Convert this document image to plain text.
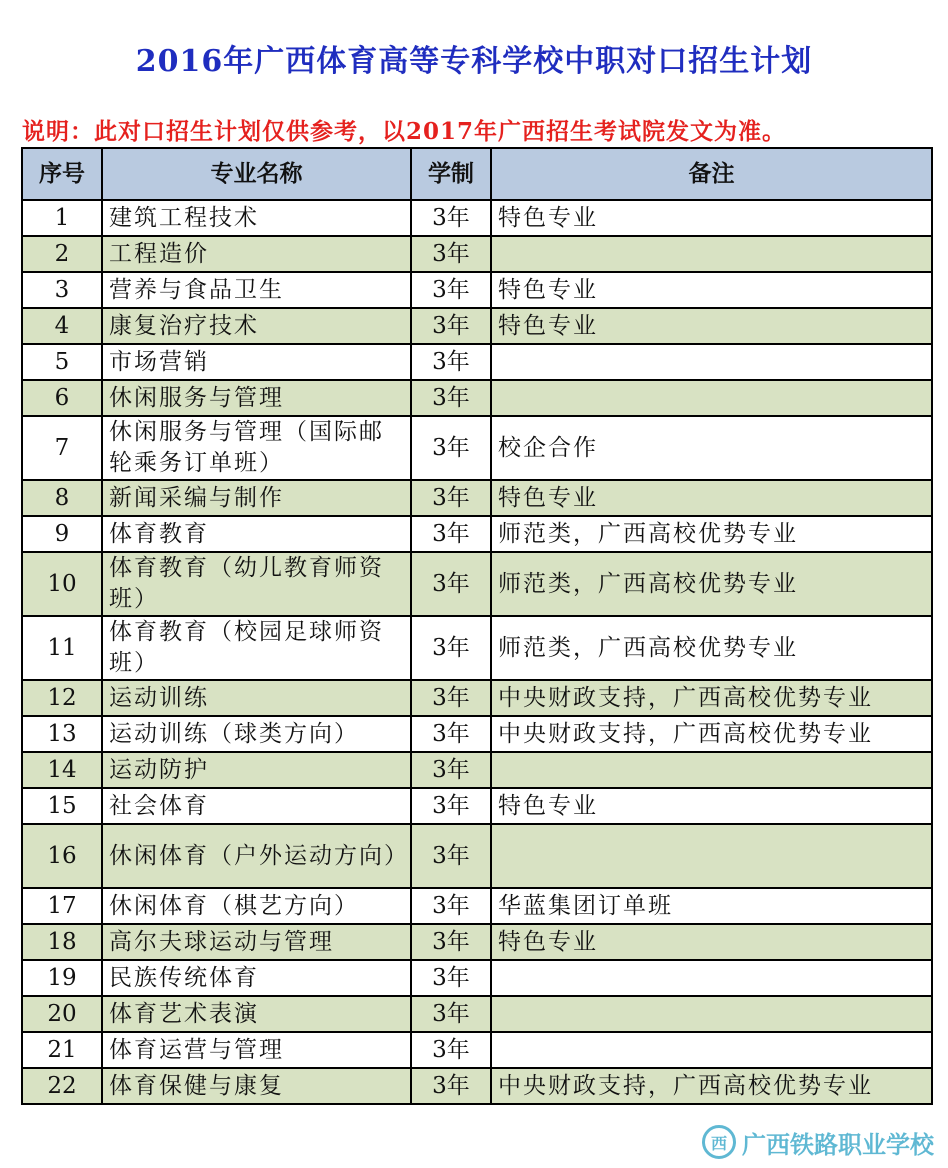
2016年广西体育高等专科学校中职对口招生计划
说明：此对口招生计划仅供参考，以2017年广西招生考试院发文为准。
序号	专业名称	学制	备注
1	建筑工程技术	3年	特色专业
2	工程造价	3年	
3	营养与食品卫生	3年	特色专业
4	康复治疗技术	3年	特色专业
5	市场营销	3年	
6	休闲服务与管理	3年	
7	休闲服务与管理（国际邮轮乘务订单班）	3年	校企合作
8	新闻采编与制作	3年	特色专业
9	体育教育	3年	师范类，广西高校优势专业
10	体育教育（幼儿教育师资班）	3年	师范类，广西高校优势专业
11	体育教育（校园足球师资班）	3年	师范类，广西高校优势专业
12	运动训练	3年	中央财政支持，广西高校优势专业
13	运动训练（球类方向）	3年	中央财政支持，广西高校优势专业
14	运动防护	3年	
15	社会体育	3年	特色专业
16	休闲体育（户外运动方向）	3年	
17	休闲体育（棋艺方向）	3年	华蓝集团订单班
18	高尔夫球运动与管理	3年	特色专业
19	民族传统体育	3年	
20	体育艺术表演	3年	
21	体育运营与管理	3年	
22	体育保健与康复	3年	中央财政支持，广西高校优势专业
西 广西铁路职业学校
